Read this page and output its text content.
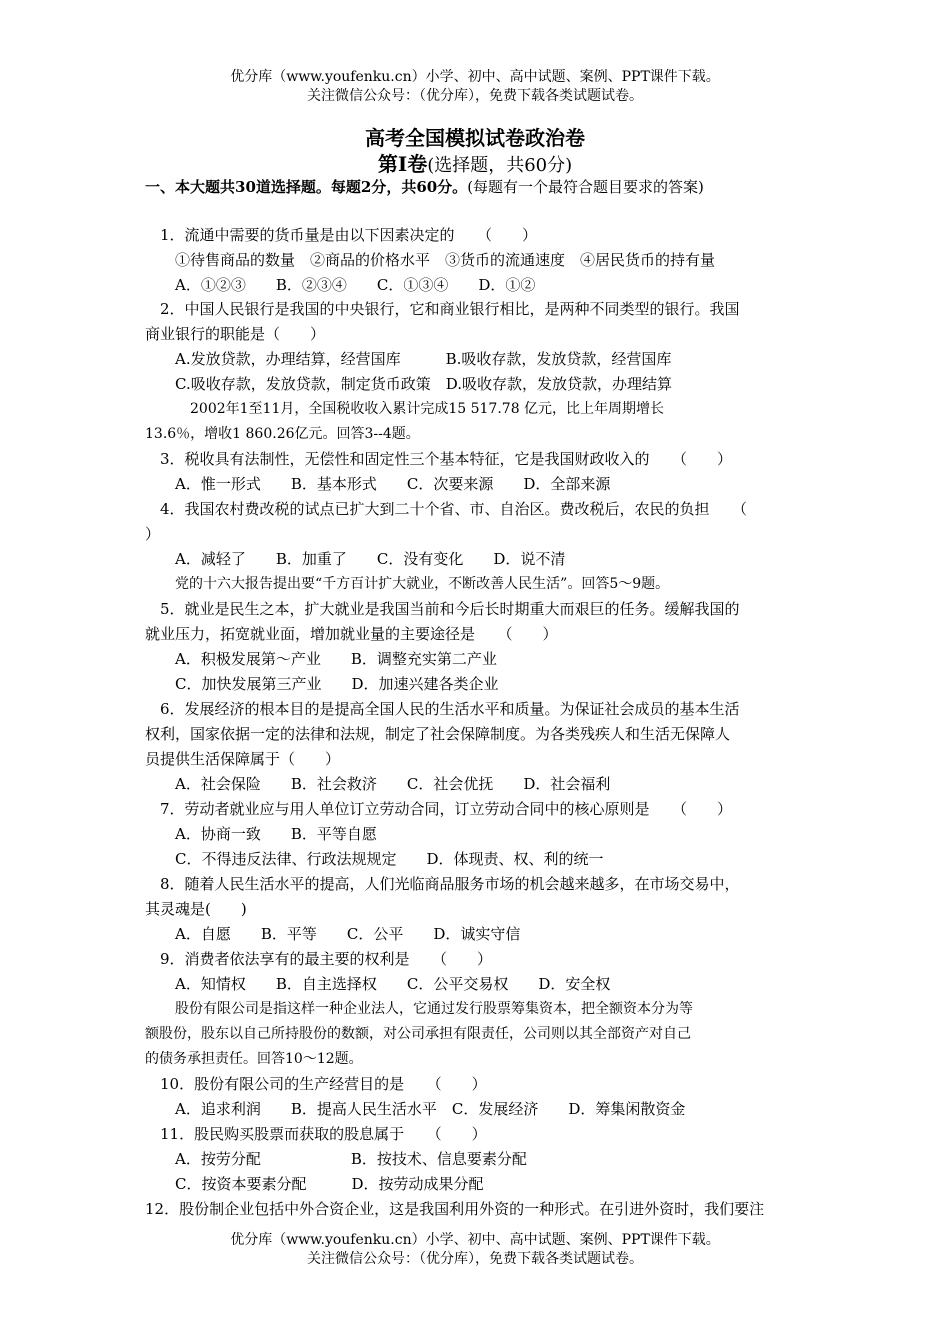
优分库（www.youfenku.cn）小学、初中、高中试题、案例、PPT课件下载。
关注微信公众号：（优分库），免费下载各类试题试卷。
高考全国模拟试卷政治卷
第Ⅰ卷(选择题，共60分)
一、本大题共30道选择题。每题2分，共60分。(每题有一个最符合题目要求的答案)
1．流通中需要的货币量是由以下因素决定的　　（　　）
①待售商品的数量　②商品的价格水平　③货币的流通速度　④居民货币的持有量
A．①②③　　B．②③④　　C．①③④　　D．①②
2．中国人民银行是我国的中央银行，它和商业银行相比，是两种不同类型的银行。我国
商业银行的职能是（　　）
A.发放贷款，办理结算，经营国库　　　B.吸收存款，发放贷款，经营国库
C.吸收存款，发放贷款，制定货币政策　D.吸收存款，发放贷款，办理结算
2002年1至11月，全国税收收入累计完成15 517.78 亿元，比上年周期增长
13.6％，增收1 860.26亿元。回答3--4题。
3．税收具有法制性，无偿性和固定性三个基本特征，它是我国财政收入的　　（　　）
A．惟一形式　　B．基本形式　　C．次要来源　　D．全部来源
4．我国农村费改税的试点已扩大到二十个省、市、自治区。费改税后，农民的负担　　（
）
A．减轻了　　B．加重了　　C．没有变化　　D．说不清
党的十六大报告提出要“千方百计扩大就业，不断改善人民生活”。回答5～9题。
5．就业是民生之本，扩大就业是我国当前和今后长时期重大而艰巨的任务。缓解我国的
就业压力，拓宽就业面，增加就业量的主要途径是　　（　　）
A．积极发展第～产业　　B．调整充实第二产业
C．加快发展第三产业　　D．加速兴建各类企业
6．发展经济的根本目的是提高全国人民的生活水平和质量。为保证社会成员的基本生活
权利，国家依据一定的法律和法规，制定了社会保障制度。为各类残疾人和生活无保障人
员提供生活保障属于（　　）
A．社会保险　　B．社会救济　　C．社会优抚　　D．社会福利
7．劳动者就业应与用人单位订立劳动合同，订立劳动合同中的核心原则是　　（　　）
A．协商一致　　B．平等自愿
C．不得违反法律、行政法规规定　　D．体现责、权、利的统一
8．随着人民生活水平的提高，人们光临商品服务市场的机会越来越多，在市场交易中，
其灵魂是(　　)
A．自愿　　B．平等　　C．公平　　D．诚实守信
9．消费者依法享有的最主要的权利是　　（　　）
A．知情权　　B．自主选择权　　C．公平交易权　　D．安全权
股份有限公司是指这样一种企业法人，它通过发行股票筹集资本，把全额资本分为等
额股份，股东以自己所持股份的数额，对公司承担有限责任，公司则以其全部资产对自己
的债务承担责任。回答10～12题。
10．股份有限公司的生产经营目的是　　（　　）
A．追求利润　　B．提高人民生活水平　C．发展经济　　D．筹集闲散资金
11．股民购买股票而获取的股息属于　　（　　）
A．按劳分配　　　　　　B．按技术、信息要素分配
C．按资本要素分配　　　D．按劳动成果分配
12．股份制企业包括中外合资企业，这是我国利用外资的一种形式。在引进外资时，我们要注
优分库（www.youfenku.cn）小学、初中、高中试题、案例、PPT课件下载。
关注微信公众号：（优分库），免费下载各类试题试卷。
